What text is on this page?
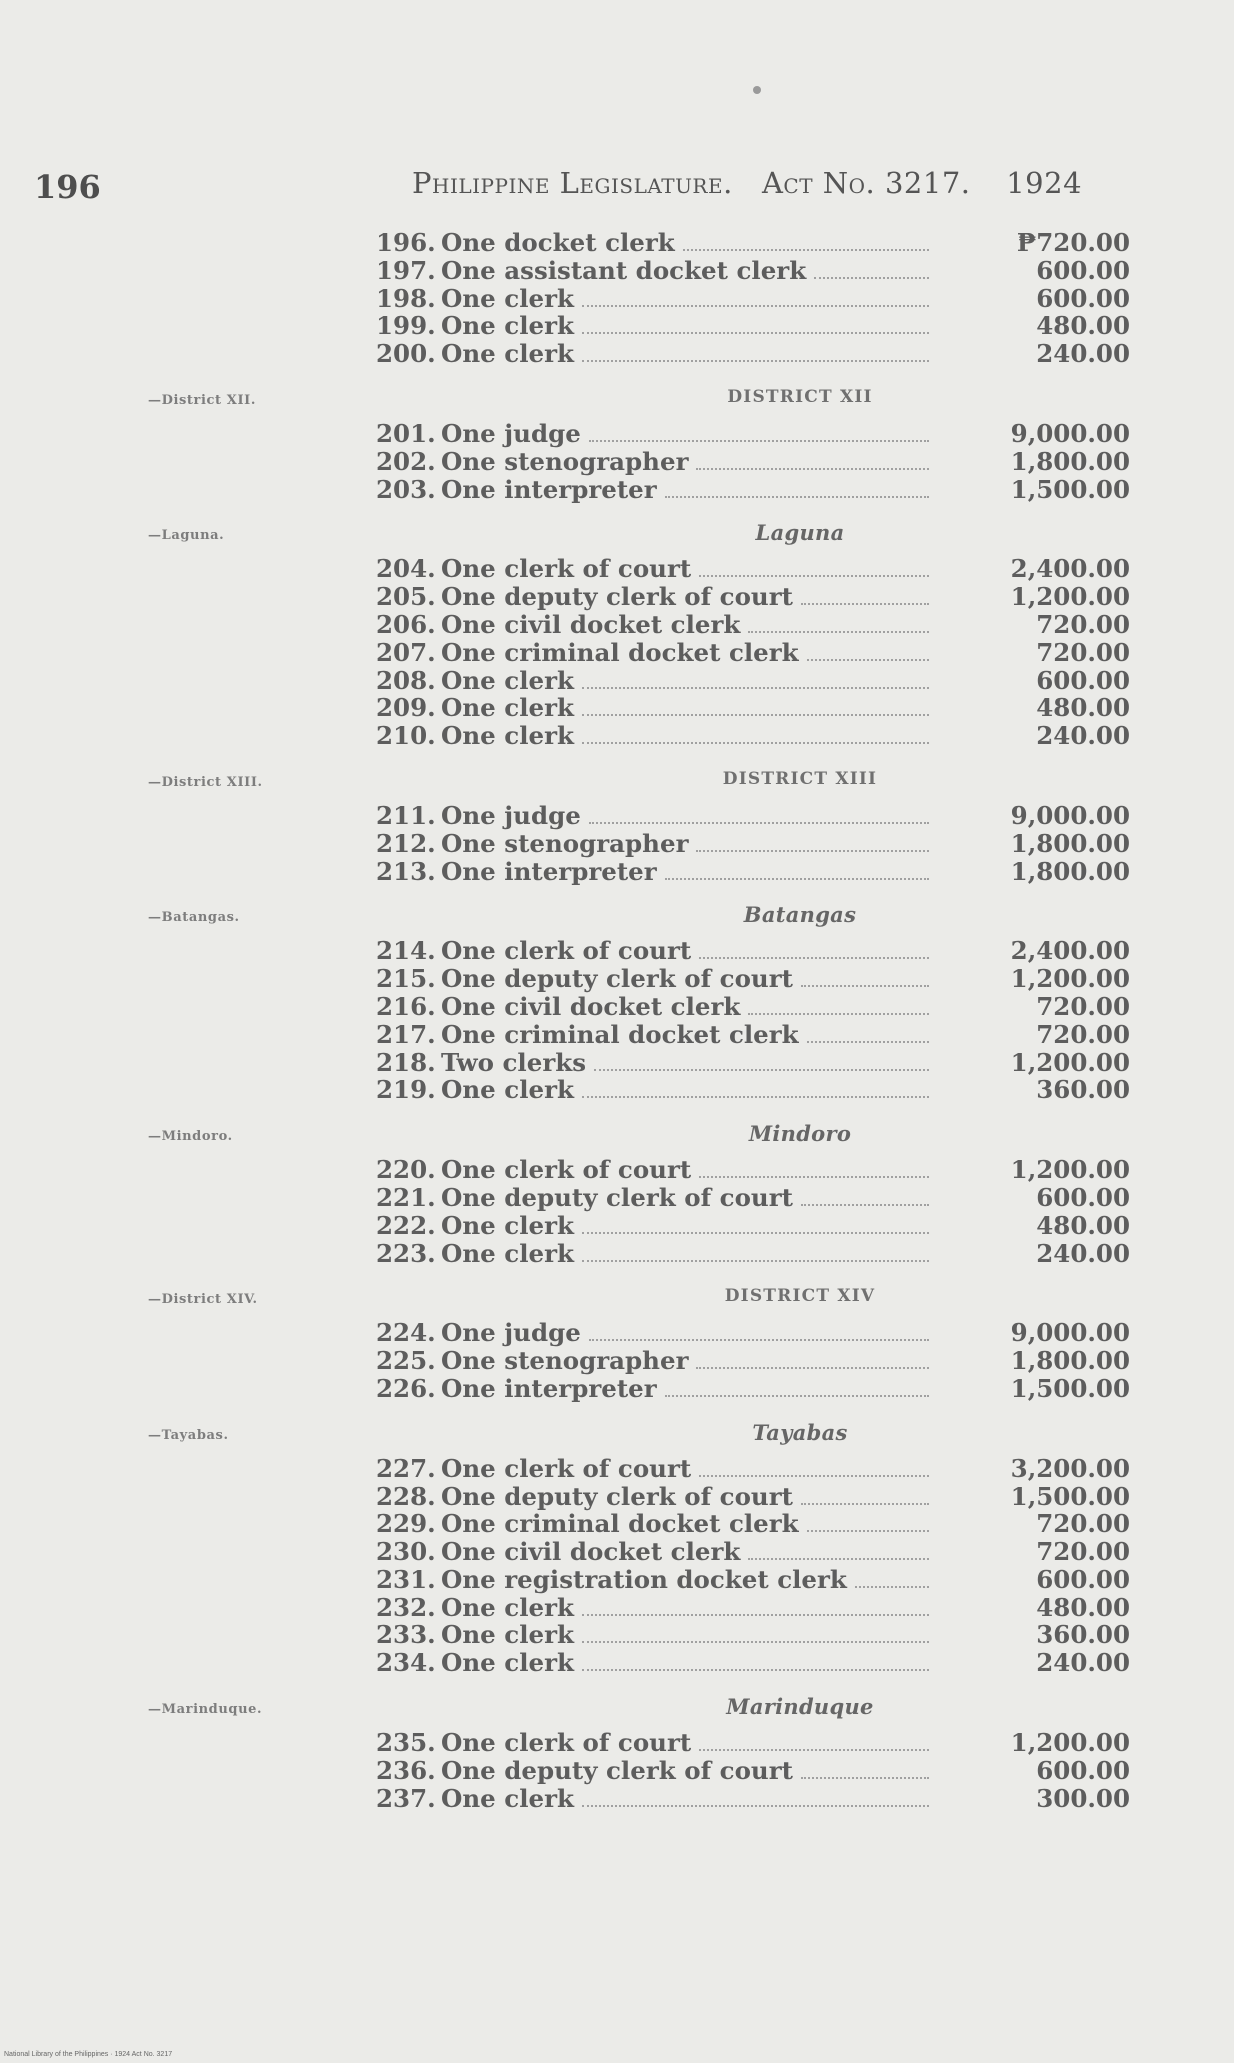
196	Philippine Legislature. Act No. 3217. 1924
196. One docket clerk	₱720.00
197. One assistant docket clerk	600.00
198. One clerk	600.00
199. One clerk	480.00
200. One clerk	240.00
—District XII.	DISTRICT XII
201. One judge	9,000.00
202. One stenographer	1,800.00
203. One interpreter	1,500.00
—Laguna.	Laguna
204. One clerk of court	2,400.00
205. One deputy clerk of court	1,200.00
206. One civil docket clerk	720.00
207. One criminal docket clerk	720.00
208. One clerk	600.00
209. One clerk	480.00
210. One clerk	240.00
—District XIII.	DISTRICT XIII
211. One judge	9,000.00
212. One stenographer	1,800.00
213. One interpreter	1,800.00
—Batangas.	Batangas
214. One clerk of court	2,400.00
215. One deputy clerk of court	1,200.00
216. One civil docket clerk	720.00
217. One criminal docket clerk	720.00
218. Two clerks	1,200.00
219. One clerk	360.00
—Mindoro.	Mindoro
220. One clerk of court	1,200.00
221. One deputy clerk of court	600.00
222. One clerk	480.00
223. One clerk	240.00
—District XIV.	DISTRICT XIV
224. One judge	9,000.00
225. One stenographer	1,800.00
226. One interpreter	1,500.00
—Tayabas.	Tayabas
227. One clerk of court	3,200.00
228. One deputy clerk of court	1,500.00
229. One criminal docket clerk	720.00
230. One civil docket clerk	720.00
231. One registration docket clerk	600.00
232. One clerk	480.00
233. One clerk	360.00
234. One clerk	240.00
—Marinduque.	Marinduque
235. One clerk of court	1,200.00
236. One deputy clerk of court	600.00
237. One clerk	300.00
National Library of the Philippines · 1924 Act No. 3217
